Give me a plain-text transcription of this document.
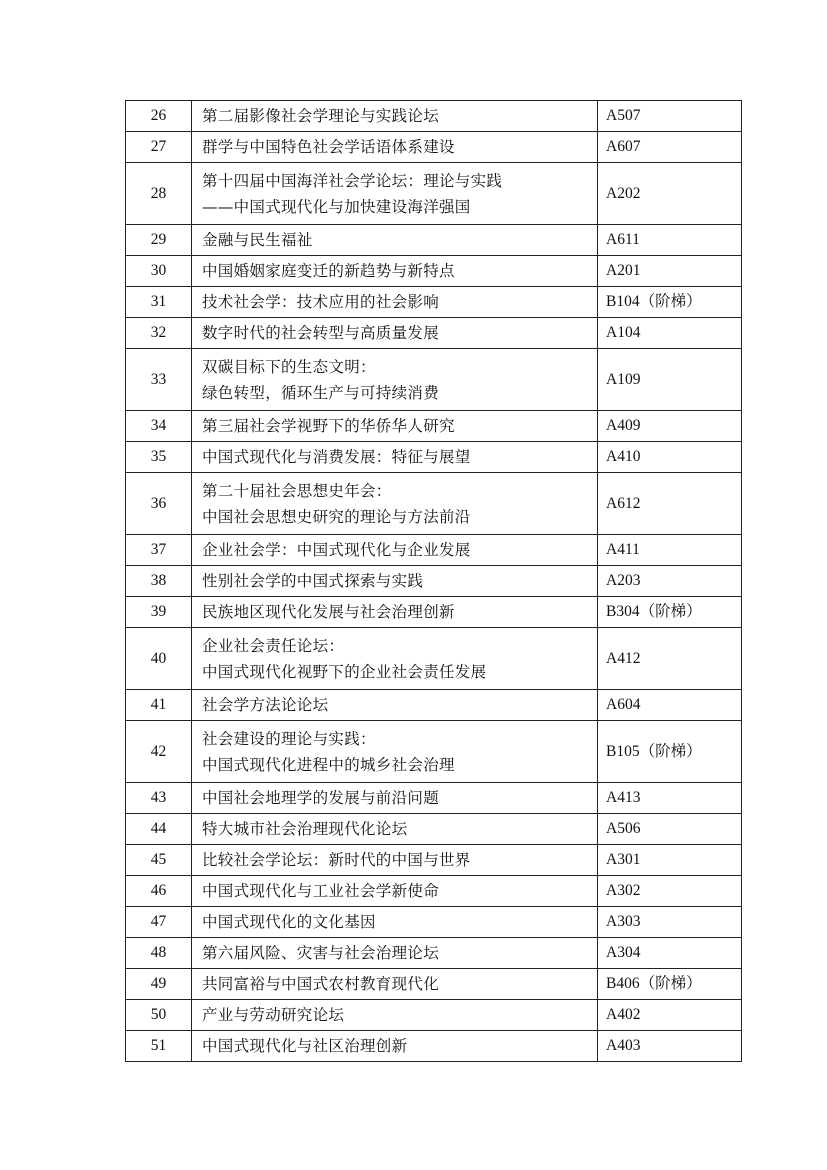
26	第二届影像社会学理论与实践论坛	A507
27	群学与中国特色社会学话语体系建设	A607
28	第十四届中国海洋社会学论坛：理论与实践
——中国式现代化与加快建设海洋强国	A202
29	金融与民生福祉	A611
30	中国婚姻家庭变迁的新趋势与新特点	A201
31	技术社会学：技术应用的社会影响	B104（阶梯）
32	数字时代的社会转型与高质量发展	A104
33	双碳目标下的生态文明：
绿色转型，循环生产与可持续消费	A109
34	第三届社会学视野下的华侨华人研究	A409
35	中国式现代化与消费发展：特征与展望	A410
36	第二十届社会思想史年会：
中国社会思想史研究的理论与方法前沿	A612
37	企业社会学：中国式现代化与企业发展	A411
38	性别社会学的中国式探索与实践	A203
39	民族地区现代化发展与社会治理创新	B304（阶梯）
40	企业社会责任论坛：
中国式现代化视野下的企业社会责任发展	A412
41	社会学方法论论坛	A604
42	社会建设的理论与实践：
中国式现代化进程中的城乡社会治理	B105（阶梯）
43	中国社会地理学的发展与前沿问题	A413
44	特大城市社会治理现代化论坛	A506
45	比较社会学论坛：新时代的中国与世界	A301
46	中国式现代化与工业社会学新使命	A302
47	中国式现代化的文化基因	A303
48	第六届风险、灾害与社会治理论坛	A304
49	共同富裕与中国式农村教育现代化	B406（阶梯）
50	产业与劳动研究论坛	A402
51	中国式现代化与社区治理创新	A403
